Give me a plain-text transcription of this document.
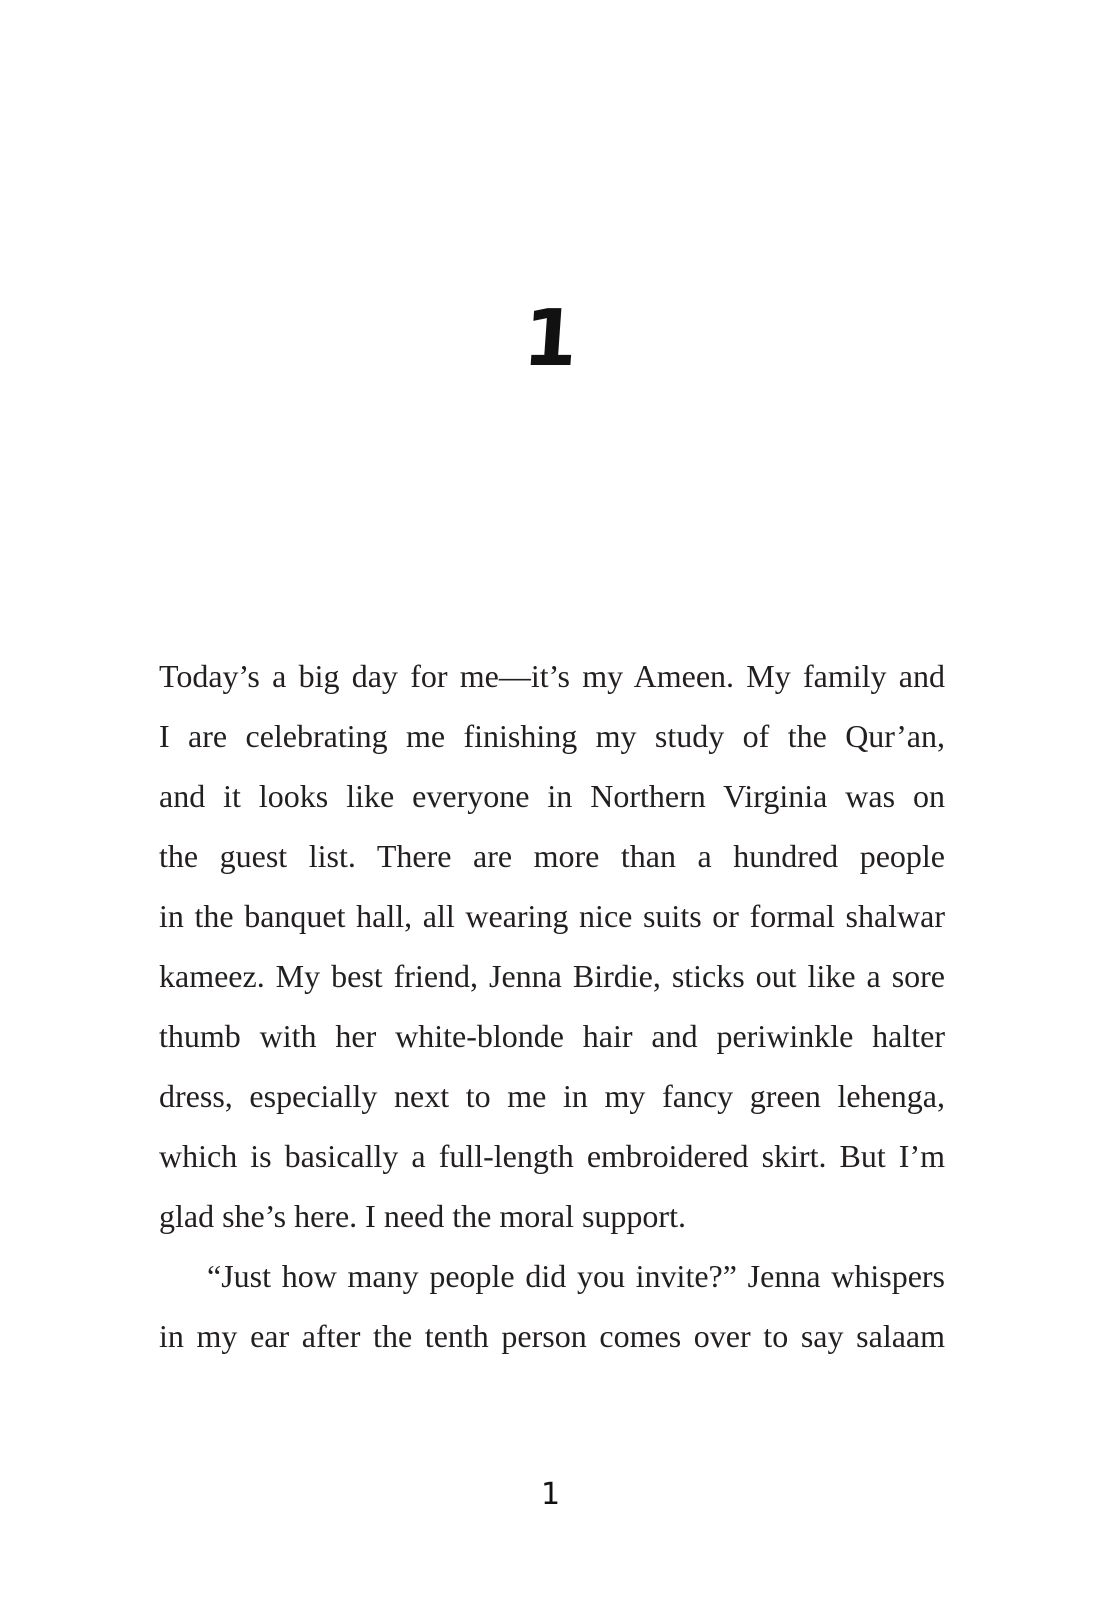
1
Today’s a big day for me—it’s my Ameen. My family and
I are celebrating me finishing my study of the Qur’an,
and it looks like everyone in Northern Virginia was on
the guest list. There are more than a hundred people
in the banquet hall, all wearing nice suits or formal shalwar
kameez. My best friend, Jenna Birdie, sticks out like a sore
thumb with her white-blonde hair and periwinkle halter
dress, especially next to me in my fancy green lehenga,
which is basically a full-length embroidered skirt. But I’m
glad she’s here. I need the moral support.
“Just how many people did you invite?” Jenna whispers
in my ear after the tenth person comes over to say salaam
1
